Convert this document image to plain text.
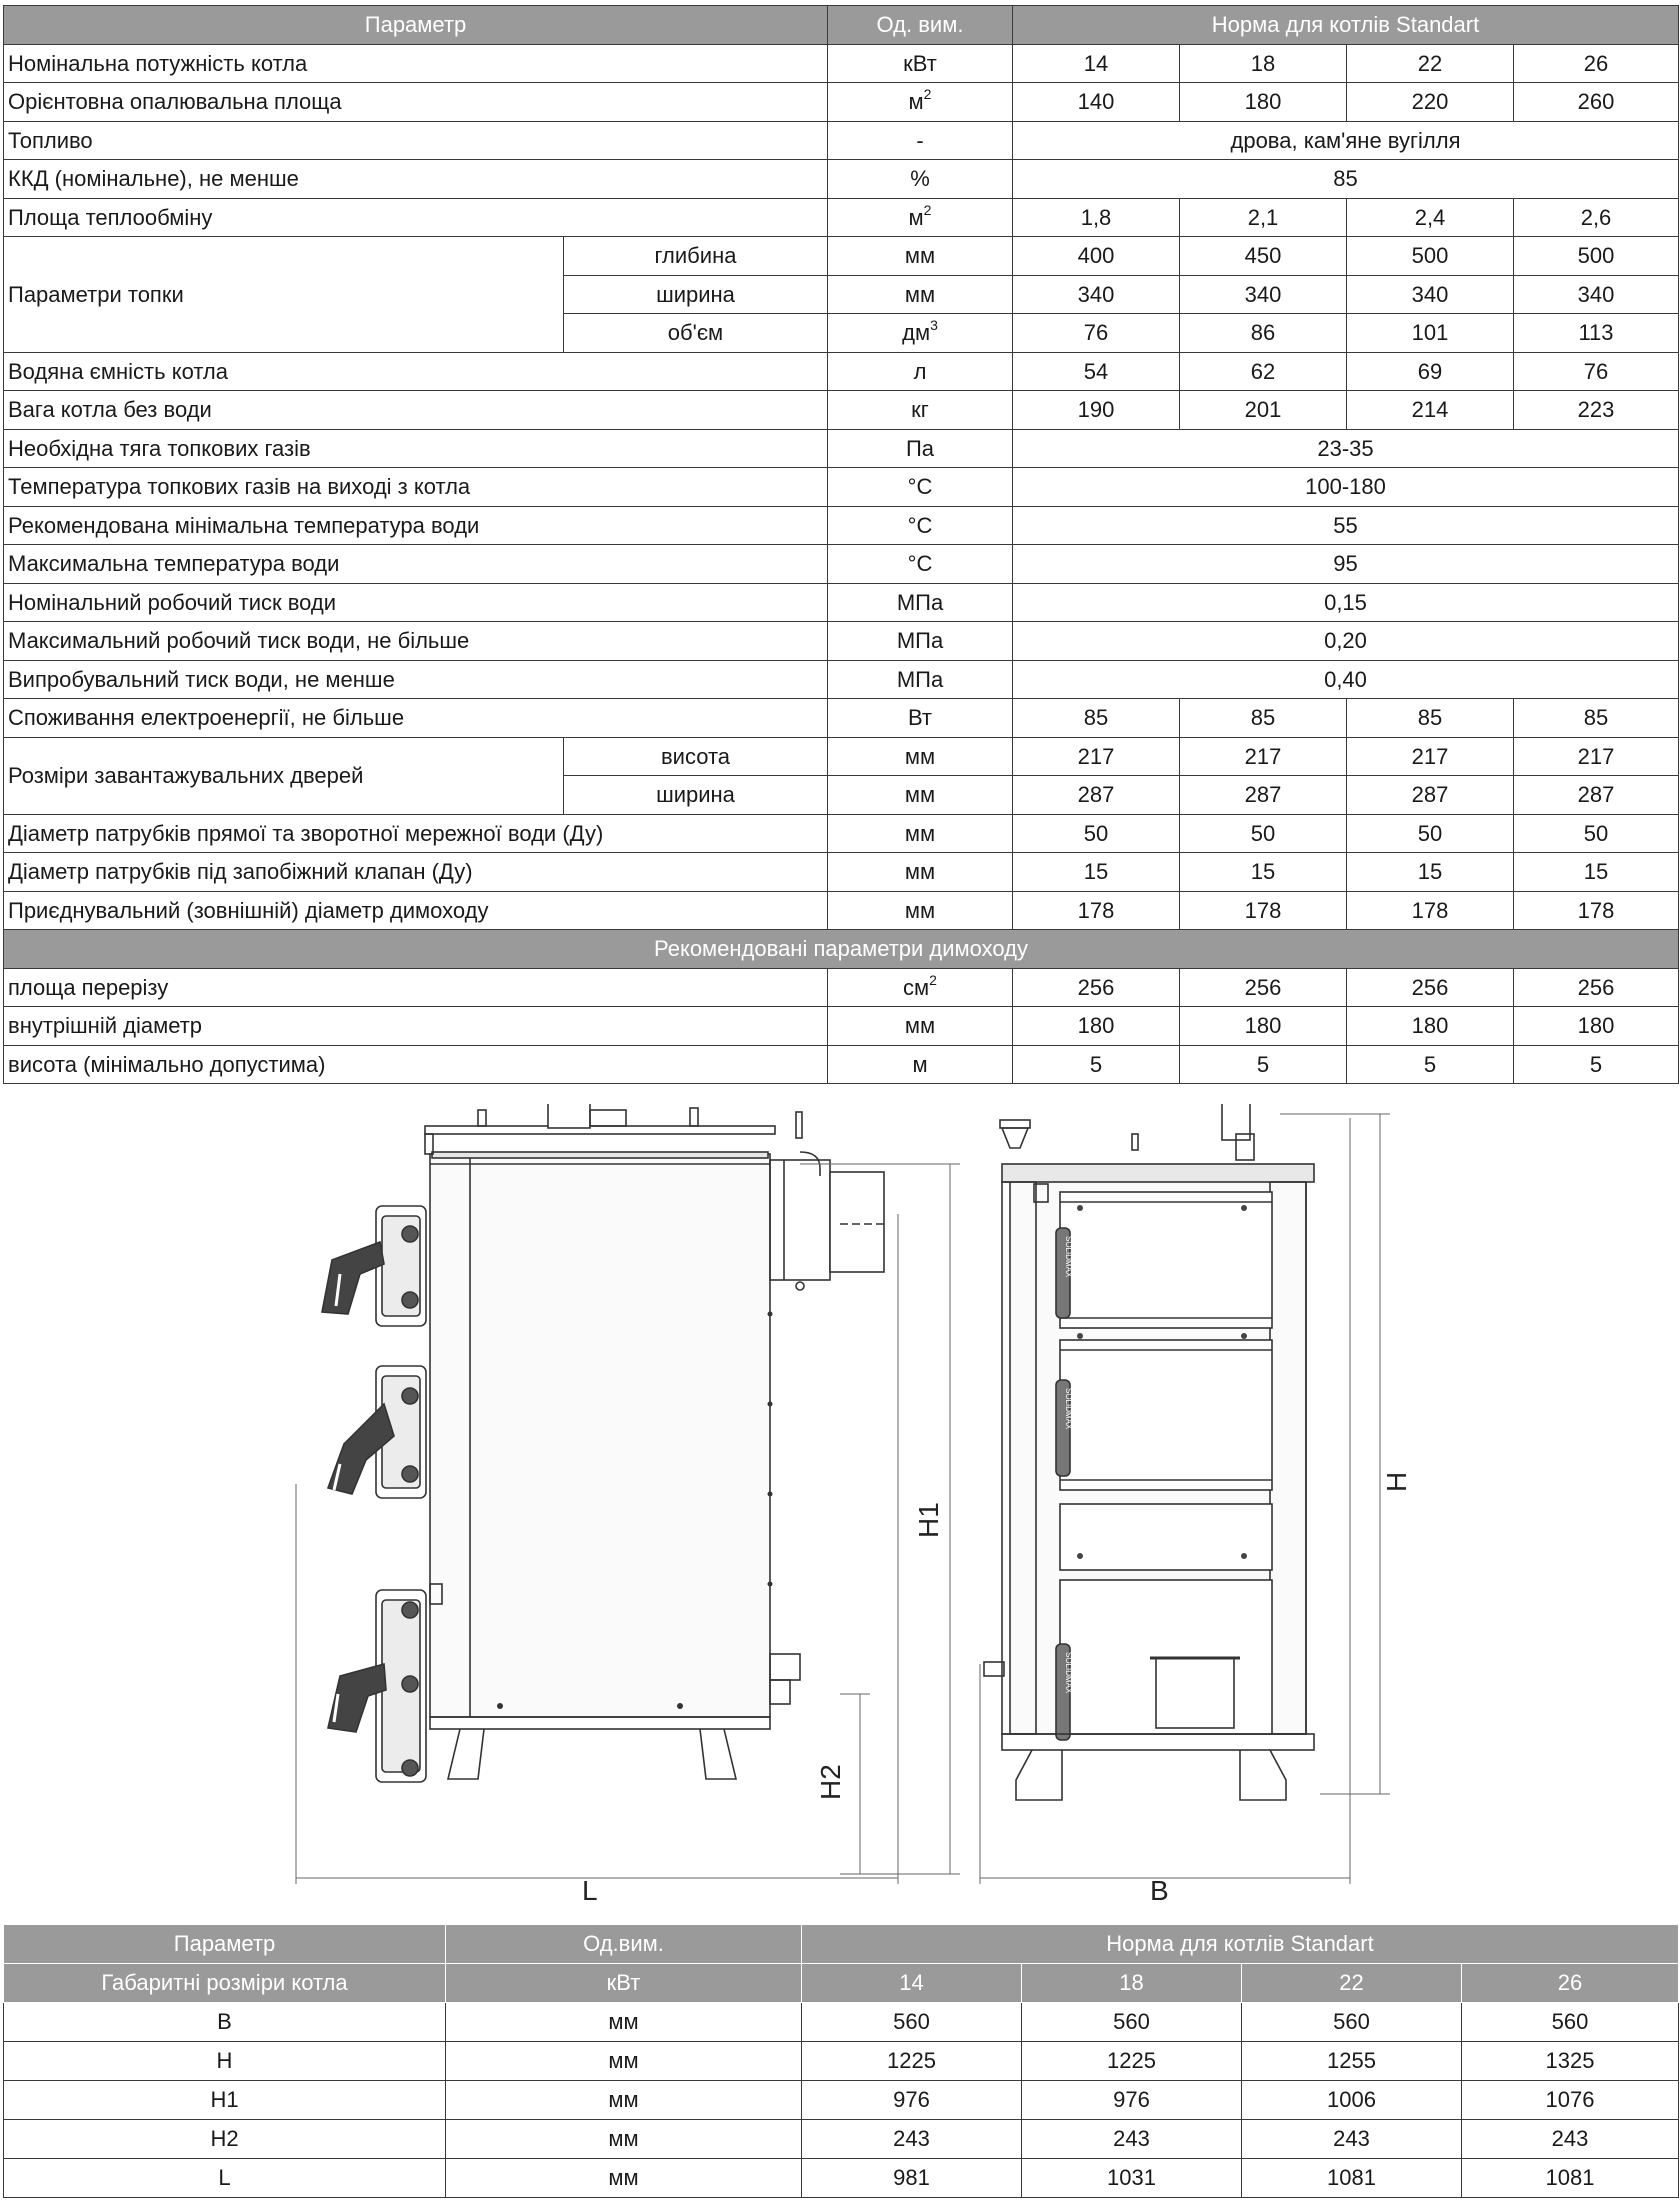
Параметр		Од. вим.	Норма для котлів Standart			
Номінальна потужність котла		кВт	14	18	22	26
Орієнтовна опалювальна площа		$м^2$	140	180	220	260
Топливо		-	дрова, кам'яне вугілля			
ККД (номінальне), не менше		%	85			
Площа теплообміну		$м^2$	1,8	2,1	2,4	2,6
Параметри топки	глибина	мм	400	450	500	500
	ширина	мм	340	340	340	340
	об'єм	$дм^3$	76	86	101	113
Водяна ємність котла		л	54	62	69	76
Вага котла без води		кг	190	201	214	223
Необхідна тяга топкових газів		Па	23-35			
Температура топкових газів на виході з котла		°С	100-180			
Рекомендована мінімальна температура води		°С	55			
Максимальна температура води		°С	95			
Номінальний робочий тиск води		МПа	0,15			
Максимальний робочий тиск води, не більше		МПа	0,20			
Випробувальний тиск води, не менше		МПа	0,40			
Споживання електроенергії, не більше		Вт	85	85	85	85
Розміри завантажувальних дверей	висота	мм	217	217	217	217
	ширина	мм	287	287	287	287
Діаметр патрубків прямої та зворотної мережної води (Ду)		мм	50	50	50	50
Діаметр патрубків під запобіжний клапан (Ду)		мм	15	15	15	15
Приєднувальний (зовнішній) діаметр димоходу		мм	178	178	178	178
Рекомендовані параметри димоходу						
площа перерізу		$см^2$	256	256	256	256
внутрішній діаметр		мм	180	180	180	180
висота (мінімально допустима)		м	5	5	5	5
SOLIDMAX
SOLIDMAX
SOLIDMAX
L	B
H
H1
H2
Параметр	Од.вим.	Норма для котлів Standart			
Габаритні розміри котла	кВт	14	18	22	26
B	мм	560	560	560	560
H	мм	1225	1225	1255	1325
H1	мм	976	976	1006	1076
H2	мм	243	243	243	243
L	мм	981	1031	1081	1081
